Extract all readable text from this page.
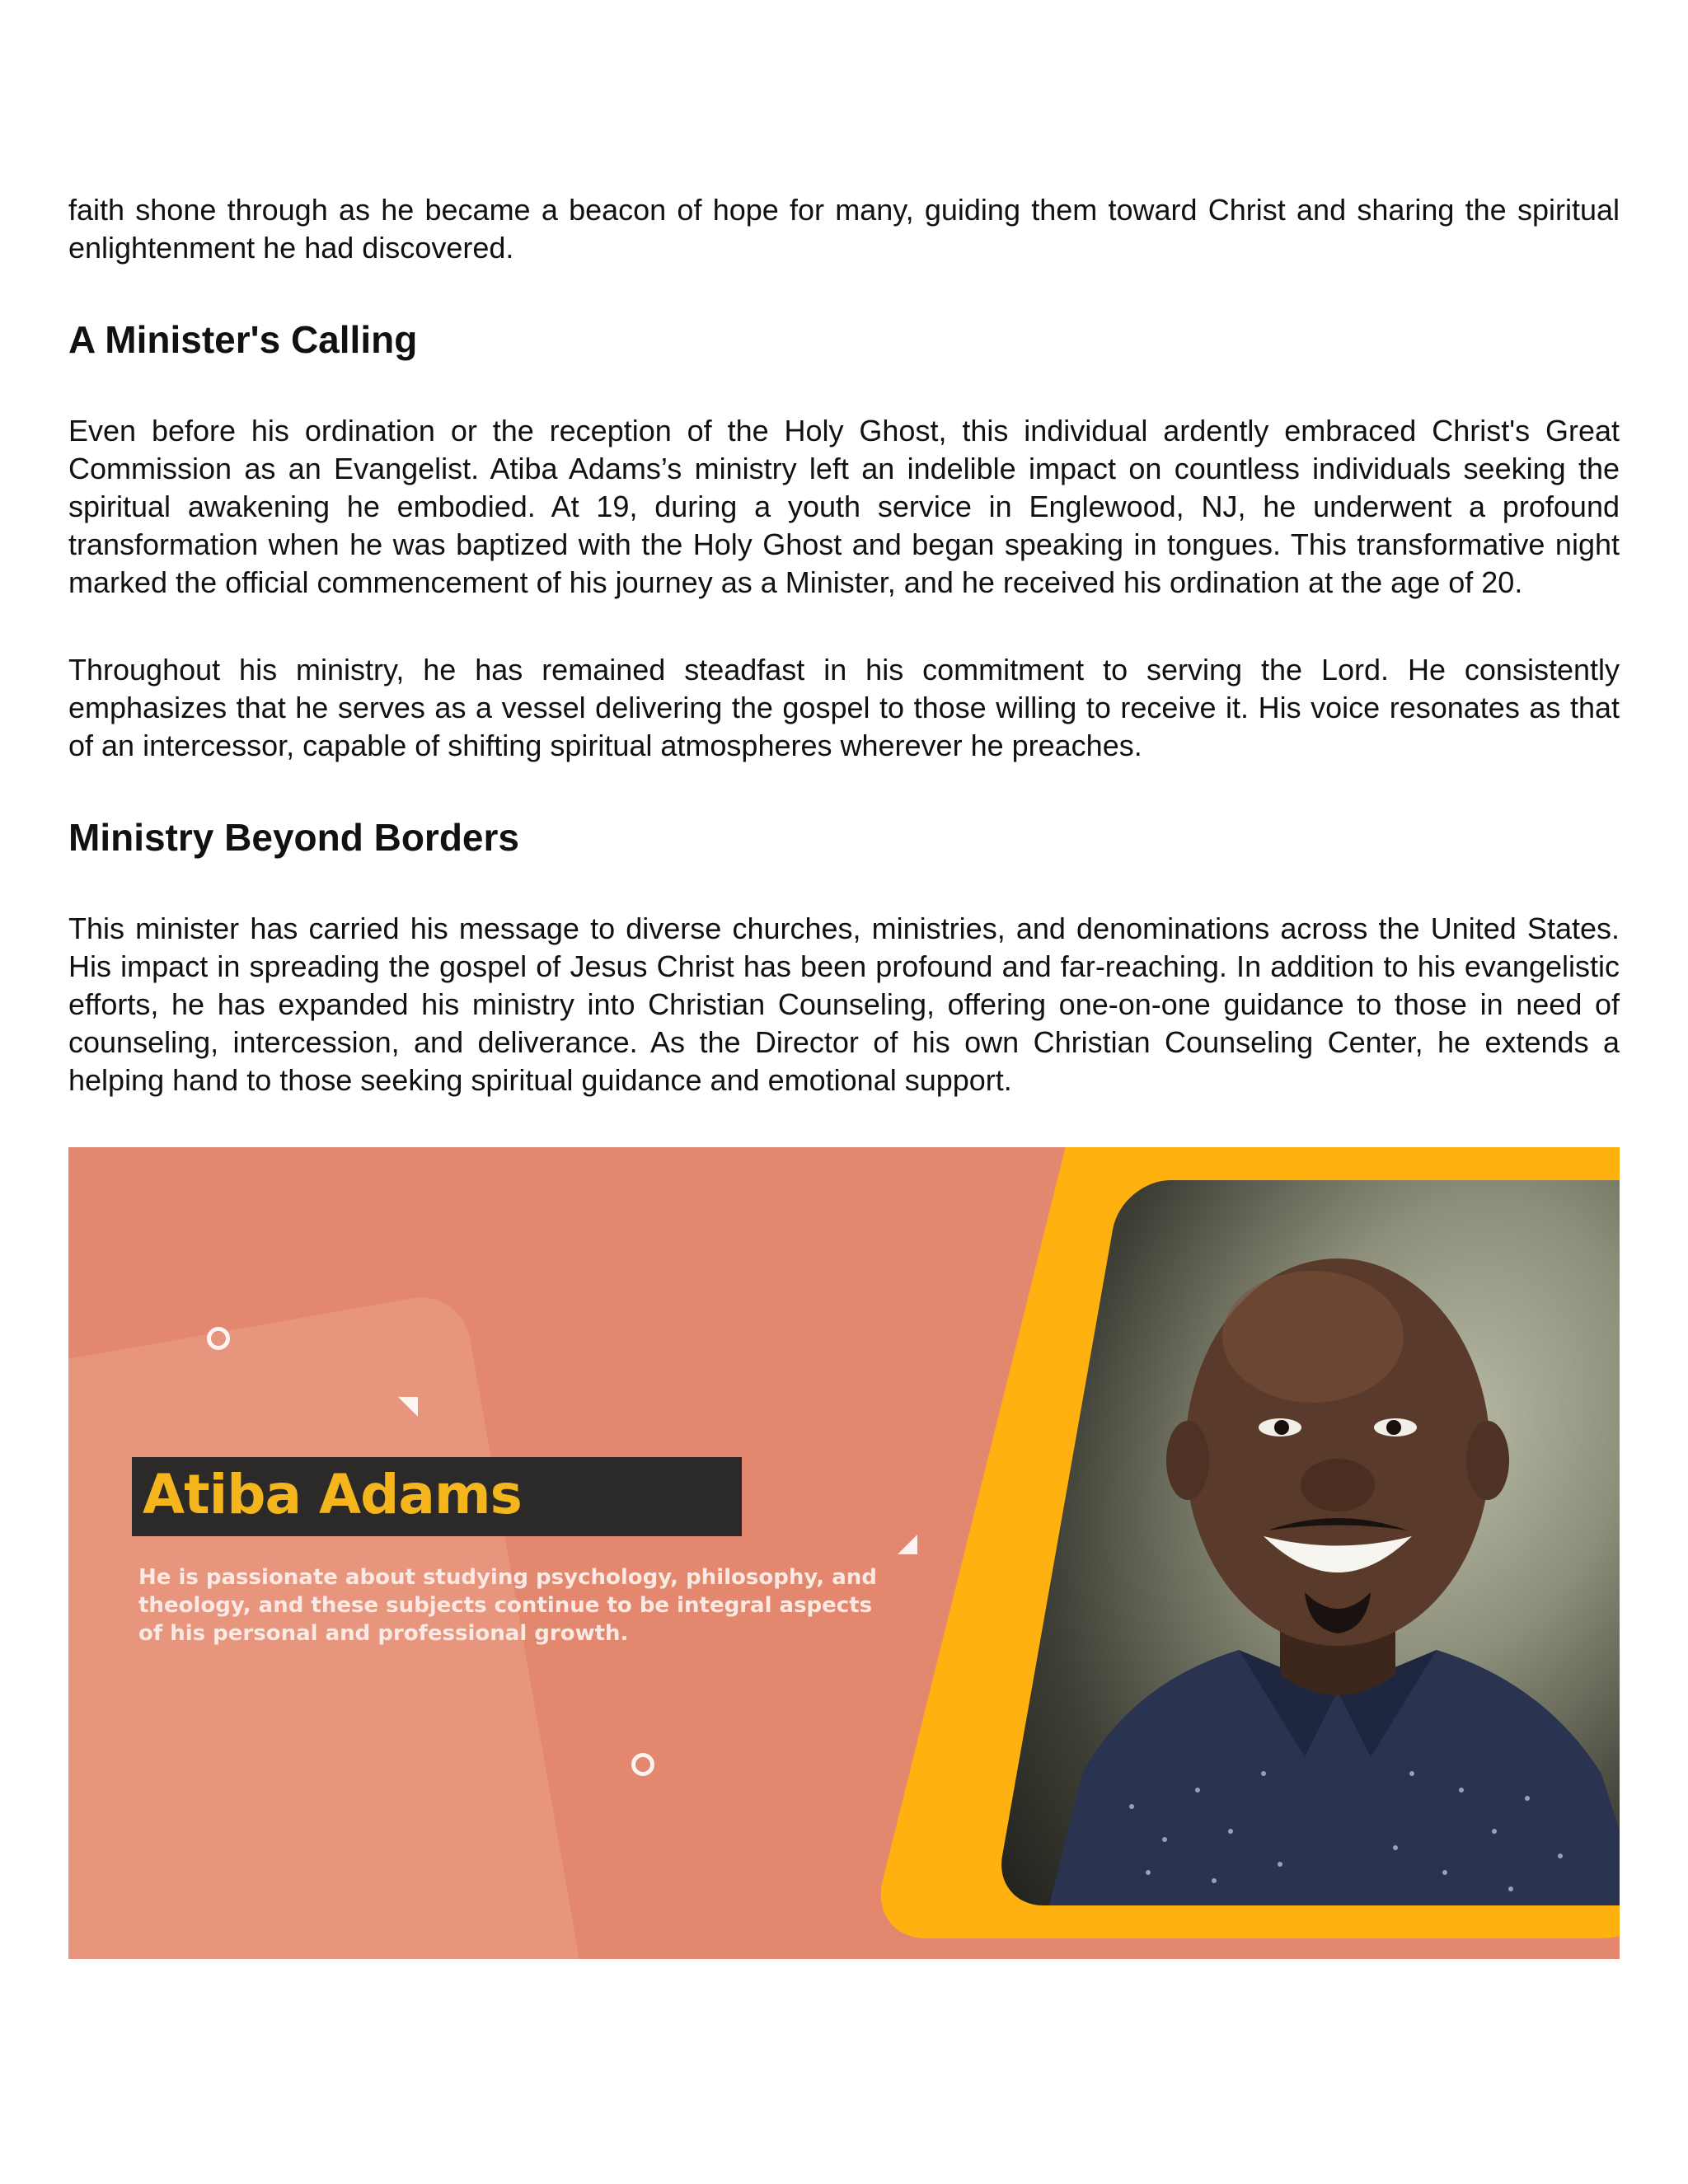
faith shone through as he became a beacon of hope for many, guiding them toward Christ and sharing the spiritual enlightenment he had discovered.

A Minister's Calling

Even before his ordination or the reception of the Holy Ghost, this individual ardently embraced Christ's Great Commission as an Evangelist. Atiba Adams’s ministry left an indelible impact on countless individuals seeking the spiritual awakening he embodied. At 19, during a youth service in Englewood, NJ, he underwent a profound transformation when he was baptized with the Holy Ghost and began speaking in tongues. This transformative night marked the official commencement of his journey as a Minister, and he received his ordination at the age of 20.

Throughout his ministry, he has remained steadfast in his commitment to serving the Lord. He consistently emphasizes that he serves as a vessel delivering the gospel to those willing to receive it. His voice resonates as that of an intercessor, capable of shifting spiritual atmospheres wherever he preaches.

Ministry Beyond Borders

This minister has carried his message to diverse churches, ministries, and denominations across the United States. His impact in spreading the gospel of Jesus Christ has been profound and far-reaching. In addition to his evangelistic efforts, he has expanded his ministry into Christian Counseling, offering one-on-one guidance to those in need of counseling, intercession, and deliverance. As the Director of his own Christian Counseling Center, he extends a helping hand to those seeking spiritual guidance and emotional support.

Atiba Adams
He is passionate about studying psychology, philosophy, and
theology, and these subjects continue to be integral aspects
of his personal and professional growth.
